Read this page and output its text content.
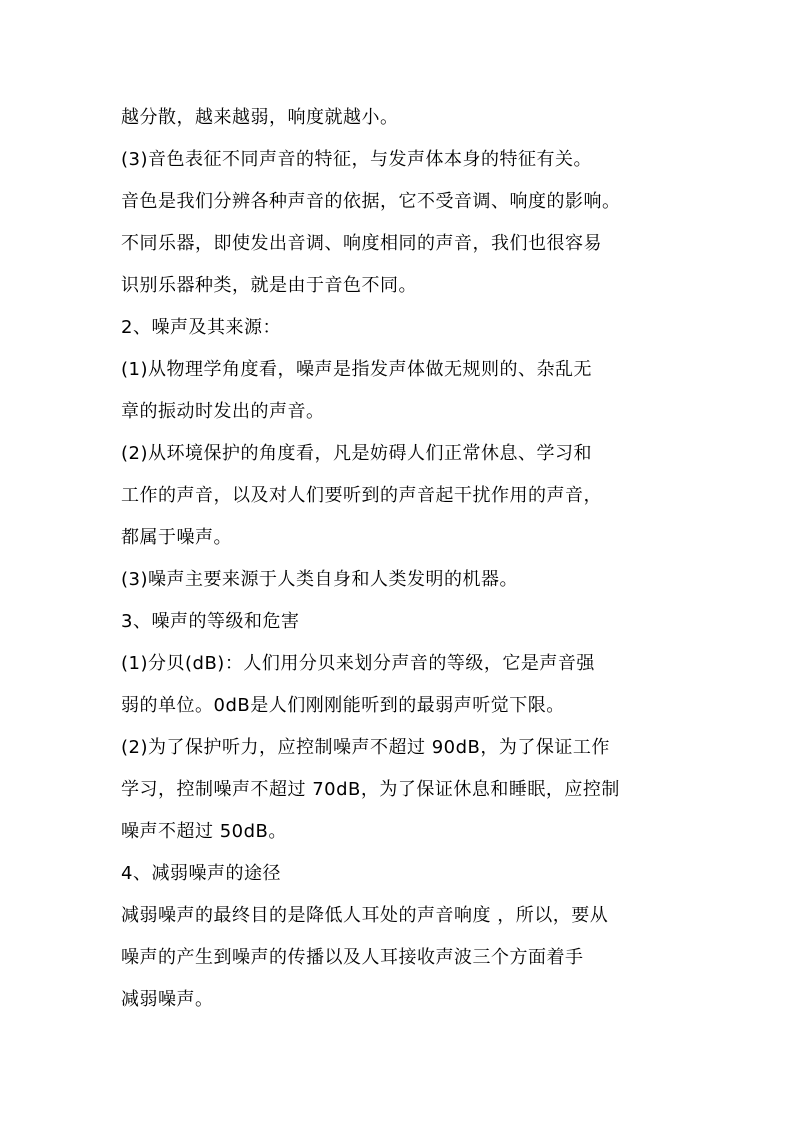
越分散，越来越弱，响度就越小。
(3)音色表征不同声音的特征，与发声体本身的特征有关。
音色是我们分辨各种声音的依据，它不受音调、响度的影响。
不同乐器，即使发出音调、响度相同的声音，我们也很容易
识别乐器种类，就是由于音色不同。
2、噪声及其来源：
(1)从物理学角度看，噪声是指发声体做无规则的、杂乱无
章的振动时发出的声音。
(2)从环境保护的角度看，凡是妨碍人们正常休息、学习和
工作的声音，以及对人们要听到的声音起干扰作用的声音，
都属于噪声。
(3)噪声主要来源于人类自身和人类发明的机器。
3、噪声的等级和危害
(1)分贝(dB)：人们用分贝来划分声音的等级，它是声音强
弱的单位。0dB是人们刚刚能听到的最弱声听觉下限。
(2)为了保护听力，应控制噪声不超过 90dB，为了保证工作
学习，控制噪声不超过 70dB，为了保证休息和睡眠，应控制
噪声不超过 50dB。
4、减弱噪声的途径
减弱噪声的最终目的是降低人耳处的声音响度 ，所以，要从
噪声的产生到噪声的传播以及人耳接收声波三个方面着手
减弱噪声。
